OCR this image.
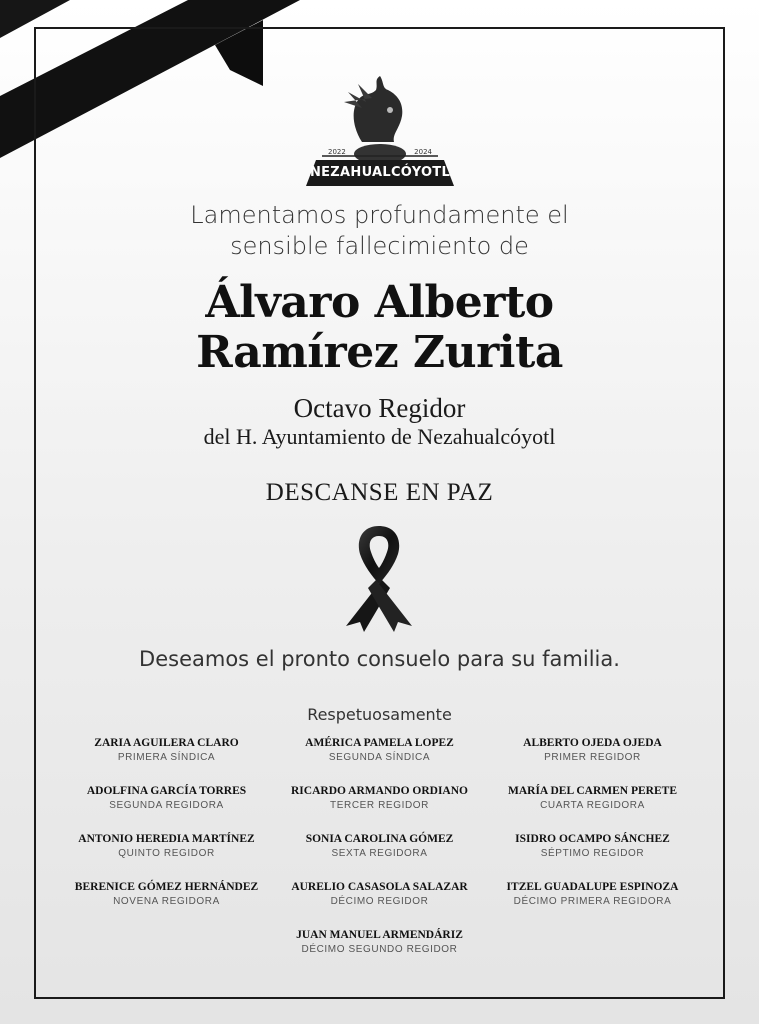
2022	2024
NEZAHUALCÓYOTL
Lamentamos profundamente el
sensible fallecimiento de
Álvaro Alberto
Ramírez Zurita
Octavo Regidor
del H. Ayuntamiento de Nezahualcóyotl
DESCANSE EN PAZ
Deseamos el pronto consuelo para su familia.
Respetuosamente
ZARIA AGUILERA CLARO
PRIMERA SÍNDICA
AMÉRICA PAMELA LOPEZ
SEGUNDA SÍNDICA
ALBERTO OJEDA OJEDA
PRIMER REGIDOR
ADOLFINA GARCÍA TORRES
SEGUNDA REGIDORA
RICARDO ARMANDO ORDIANO
TERCER REGIDOR
MARÍA DEL CARMEN PERETE
CUARTA REGIDORA
ANTONIO HEREDIA MARTÍNEZ
QUINTO REGIDOR
SONIA CAROLINA GÓMEZ
SEXTA REGIDORA
ISIDRO OCAMPO SÁNCHEZ
SÉPTIMO REGIDOR
BERENICE GÓMEZ HERNÁNDEZ
NOVENA REGIDORA
AURELIO CASASOLA SALAZAR
DÉCIMO REGIDOR
ITZEL GUADALUPE ESPINOZA
DÉCIMO PRIMERA REGIDORA
JUAN MANUEL ARMENDÁRIZ
DÉCIMO SEGUNDO REGIDOR
